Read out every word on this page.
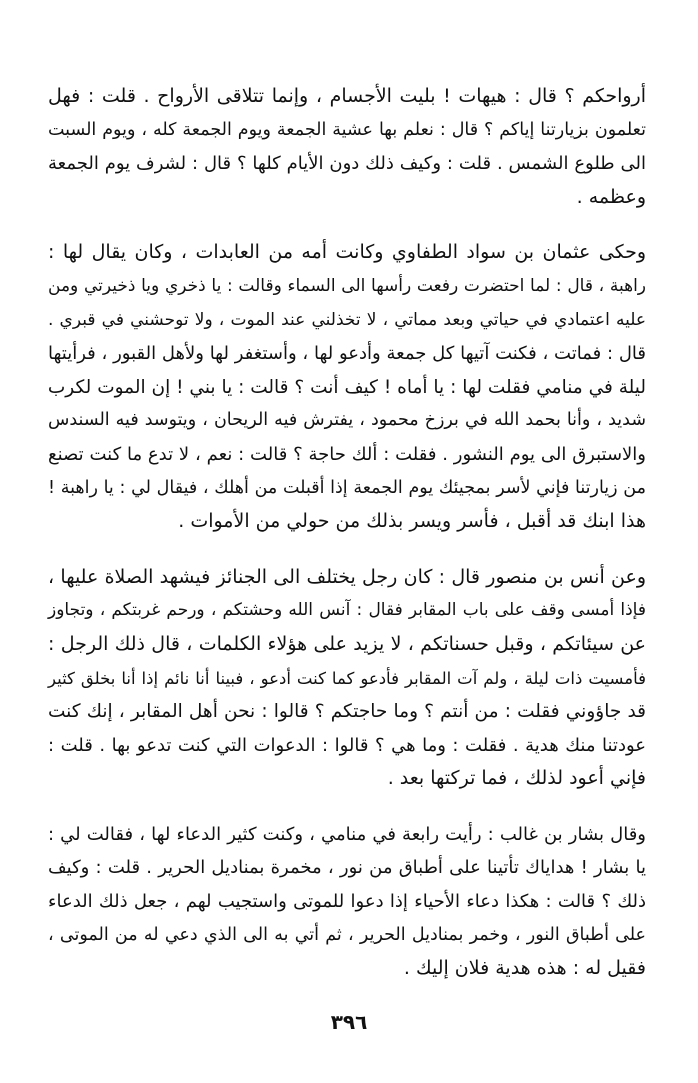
أرواحكم ؟ قال : هيهات ! بليت الأجسام ، وإنما تتلاقى الأرواح . قلت : فهل
تعلمون بزيارتنا إياكم ؟ قال : نعلم بها عشية الجمعة ويوم الجمعة كله ، ويوم السبت
الى طلوع الشمس . قلت : وكيف ذلك دون الأيام كلها ؟ قال : لشرف يوم الجمعة
وعظمه .

وحكى عثمان بن سواد الطفاوي وكانت أمه من العابدات ، وكان يقال لها :
راهبة ، قال : لما احتضرت رفعت رأسها الى السماء وقالت : يا ذخري ويا ذخيرتي ومن
عليه اعتمادي في حياتي وبعد مماتي ، لا تخذلني عند الموت ، ولا توحشني في قبري .
قال : فماتت ، فكنت آتيها كل جمعة وأدعو لها ، وأستغفر لها ولأهل القبور ، فرأيتها
ليلة في منامي فقلت لها : يا أماه ! كيف أنت ؟ قالت : يا بني ! إن الموت لكرب
شديد ، وأنا بحمد الله في برزخ محمود ، يفترش فيه الريحان ، ويتوسد فيه السندس
والاستبرق الى يوم النشور . فقلت : ألك حاجة ؟ قالت : نعم ، لا تدع ما كنت تصنع
من زيارتنا فإني لأسر بمجيئك يوم الجمعة إذا أقبلت من أهلك ، فيقال لي : يا راهبة !
هذا ابنك قد أقبل ، فأسر ويسر بذلك من حولي من الأموات .

وعن أنس بن منصور قال : كان رجل يختلف الى الجنائز فيشهد الصلاة عليها ،
فإذا أمسى وقف على باب المقابر فقال : آنس الله وحشتكم ، ورحم غربتكم ، وتجاوز
عن سيئاتكم ، وقبل حسناتكم ، لا يزيد على هؤلاء الكلمات ، قال ذلك الرجل :
فأمسيت ذات ليلة ، ولم آت المقابر فأدعو كما كنت أدعو ، فبينا أنا نائم إذا أنا بخلق كثير
قد جاؤوني فقلت : من أنتم ؟ وما حاجتكم ؟ قالوا : نحن أهل المقابر ، إنك كنت
عودتنا منك هدية . فقلت : وما هي ؟ قالوا : الدعوات التي كنت تدعو بها . قلت :
فإني أعود لذلك ، فما تركتها بعد .

وقال بشار بن غالب : رأيت رابعة في منامي ، وكنت كثير الدعاء لها ، فقالت لي :
يا بشار ! هداياك تأتينا على أطباق من نور ، مخمرة بمناديل الحرير . قلت : وكيف
ذلك ؟ قالت : هكذا دعاء الأحياء إذا دعوا للموتى واستجيب لهم ، جعل ذلك الدعاء
على أطباق النور ، وخمر بمناديل الحرير ، ثم أتي به الى الذي دعي له من الموتى ،
فقيل له : هذه هدية فلان إليك .

٣٩٦
